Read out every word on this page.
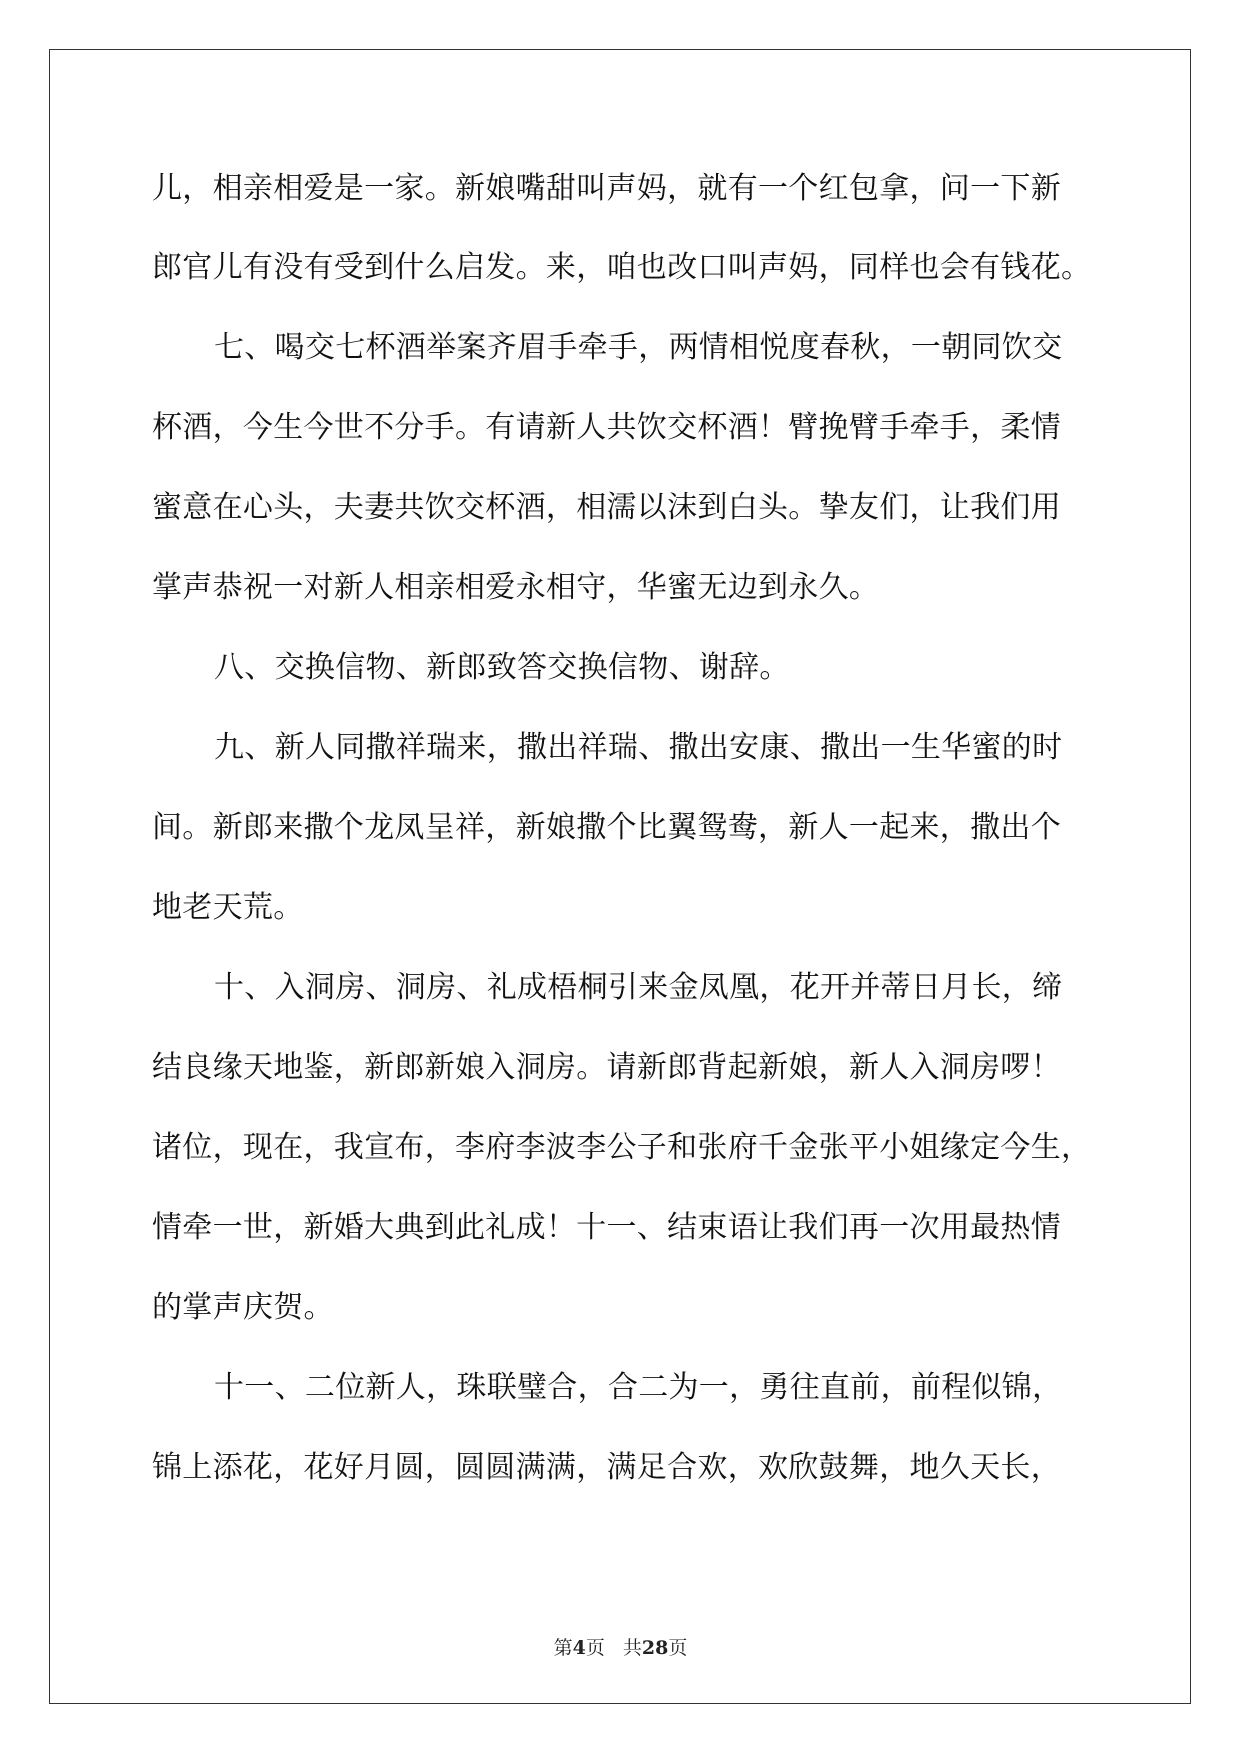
儿，相亲相爱是一家。新娘嘴甜叫声妈，就有一个红包拿，问一下新
郎官儿有没有受到什么启发。来，咱也改口叫声妈，同样也会有钱花。
七、喝交七杯酒举案齐眉手牵手，两情相悦度春秋，一朝同饮交
杯酒，今生今世不分手。有请新人共饮交杯酒！臂挽臂手牵手，柔情
蜜意在心头，夫妻共饮交杯酒，相濡以沫到白头。挚友们，让我们用
掌声恭祝一对新人相亲相爱永相守，华蜜无边到永久。
八、交换信物、新郎致答交换信物、谢辞。
九、新人同撒祥瑞来，撒出祥瑞、撒出安康、撒出一生华蜜的时
间。新郎来撒个龙凤呈祥，新娘撒个比翼鸳鸯，新人一起来，撒出个
地老天荒。
十、入洞房、洞房、礼成梧桐引来金凤凰，花开并蒂日月长，缔
结良缘天地鉴，新郎新娘入洞房。请新郎背起新娘，新人入洞房啰！
诸位，现在，我宣布，李府李波李公子和张府千金张平小姐缘定今生，
情牵一世，新婚大典到此礼成！十一、结束语让我们再一次用最热情
的掌声庆贺。
十一、二位新人，珠联璧合，合二为一，勇往直前，前程似锦，
锦上添花，花好月圆，圆圆满满，满足合欢，欢欣鼓舞，地久天长，
第4页 共28页
